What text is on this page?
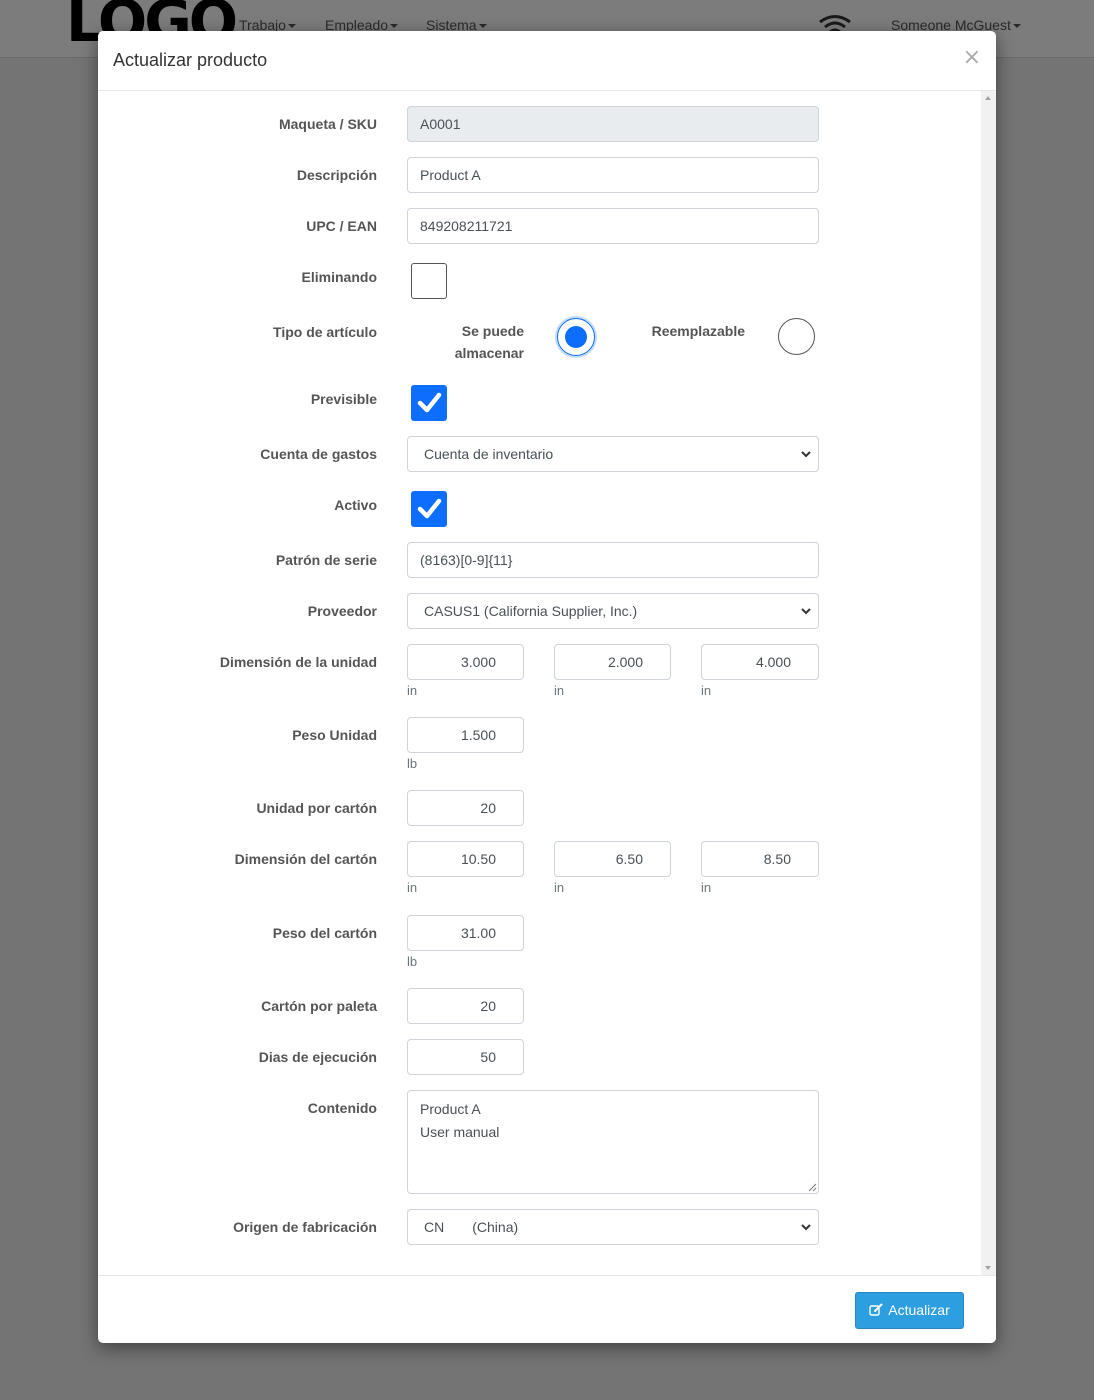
Actualizar producto	×
Maqueta / SKU	A0001
Descripción	Product A
UPC / EAN	849208211721
Eliminando
Tipo de artículo	Se puede
almacenar
Reemplazable
Previsible
Cuenta de gastos	Cuenta de inventario
Activo
Patrón de serie	(8163)[0-9]{11}
Proveedor	CASUS1 (California Supplier, Inc.)
Dimensión de la unidad	3.000	2.000	4.000
in	in	in
Peso Unidad	1.500
lb
Unidad por cartón	20
Dimensión del cartón	10.50	6.50	8.50
in	in	in
Peso del cartón	31.00
lb
Cartón por paleta	20
Dias de ejecución	50
Contenido	Product A
User manual
Origen de fabricación	CN (China)
Actualizar
